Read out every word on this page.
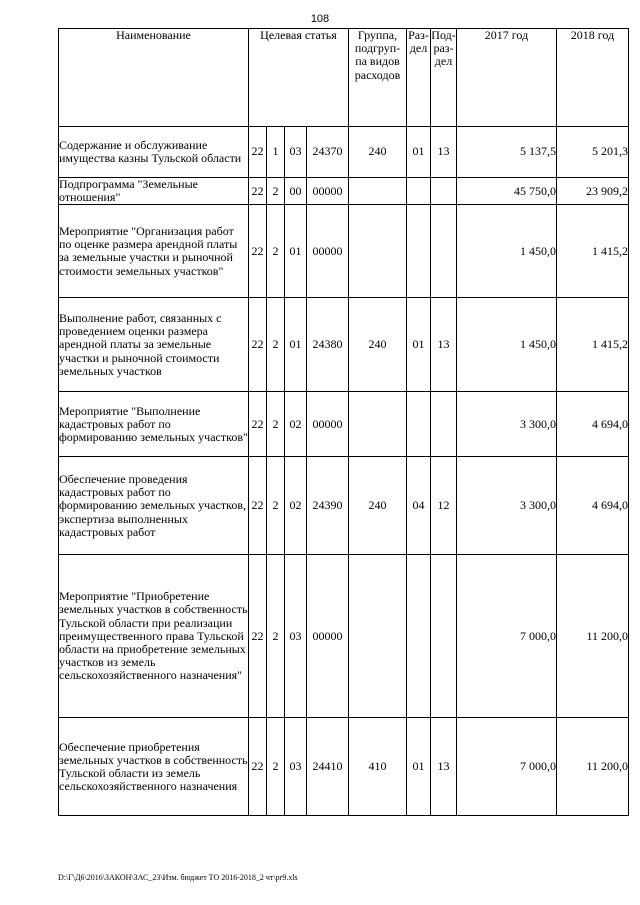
108
Наименование	Целевая статья				Группа, подгруп-па видов расходов	Раз-дел	Под-раз-дел	2017 год	2018 год
Содержание и обслуживание имущества казны Тульской области	22	1	03	24370	240	01	13	5 137,5	5 201,3
Подпрограмма "Земельные отношения"	22	2	00	00000				45 750,0	23 909,2
Мероприятие "Организация работ по оценке размера арендной платы за земельные участки и рыночной стоимости земельных участков"	22	2	01	00000				1 450,0	1 415,2
Выполнение работ, связанных с проведением оценки размера арендной платы за земельные участки и рыночной стоимости земельных участков	22	2	01	24380	240	01	13	1 450,0	1 415,2
Мероприятие "Выполнение кадастровых работ по формированию земельных участков"	22	2	02	00000				3 300,0	4 694,0
Обеспечение проведения кадастровых работ по формированию земельных участков, экспертиза выполненных кадастровых работ	22	2	02	24390	240	04	12	3 300,0	4 694,0
Мероприятие "Приобретение земельных участков в собственность Тульской области при реализации преимущественного права Тульской области на приобретение земельных участков из земель сельскохозяйственного назначения"	22	2	03	00000				7 000,0	11 200,0
Обеспечение приобретения земельных участков в собственность Тульской области из земель сельскохозяйственного назначения	22	2	03	24410	410	01	13	7 000,0	11 200,0
D:\Г\Д6\2016\ЗАКОН\ЗАС_23\Изм. бюджет ТО 2016-2018_2 чт\pr9.xls
